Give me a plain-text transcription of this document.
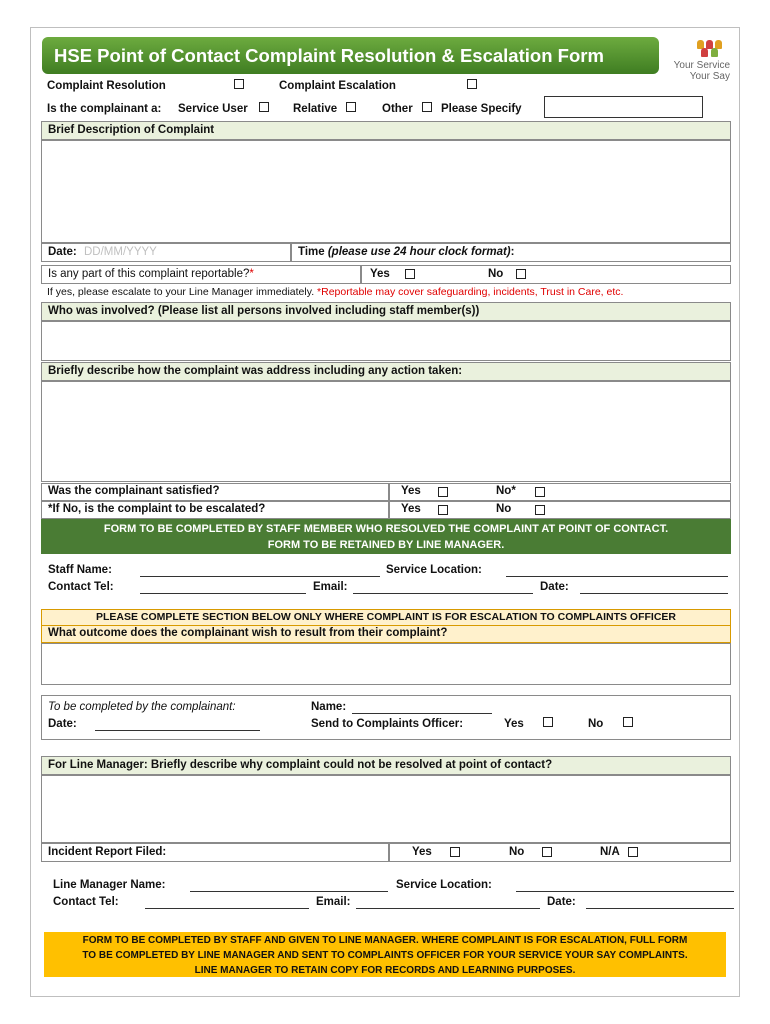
HSE Point of Contact Complaint Resolution & Escalation Form	Your Service
Your Say
Complaint Resolution	Complaint Escalation
Is the complainant a: Service User	Relative	Other Please Specify
Brief Description of Complaint
Date: DD/MM/YYYY	Time (please use 24 hour clock format):
Is any part of this complaint reportable?*	Yes	No
If yes, please escalate to your Line Manager immediately. *Reportable may cover safeguarding, incidents, Trust in Care, etc.
Who was involved? (Please list all persons involved including staff member(s))
Briefly describe how the complaint was address including any action taken:
Was the complainant satisfied?	Yes	No*
*If No, is the complaint to be escalated?	Yes	No
FORM TO BE COMPLETED BY STAFF MEMBER WHO RESOLVED THE COMPLAINT AT POINT OF CONTACT.
FORM TO BE RETAINED BY LINE MANAGER.
Staff Name:	Service Location:
Contact Tel:	Email:	Date:
PLEASE COMPLETE SECTION BELOW ONLY WHERE COMPLAINT IS FOR ESCALATION TO COMPLAINTS OFFICER
What outcome does the complainant wish to result from their complaint?
To be completed by the complainant:
Date:
Name:
Send to Complaints Officer:	Yes	No
For Line Manager: Briefly describe why complaint could not be resolved at point of contact?
Incident Report Filed:	Yes	No	N/A
Line Manager Name:	Service Location:
Contact Tel:	Email:	Date:
FORM TO BE COMPLETED BY STAFF AND GIVEN TO LINE MANAGER. WHERE COMPLAINT IS FOR ESCALATION, FULL FORM
TO BE COMPLETED BY LINE MANAGER AND SENT TO COMPLAINTS OFFICER FOR YOUR SERVICE YOUR SAY COMPLAINTS.
LINE MANAGER TO RETAIN COPY FOR RECORDS AND LEARNING PURPOSES.
